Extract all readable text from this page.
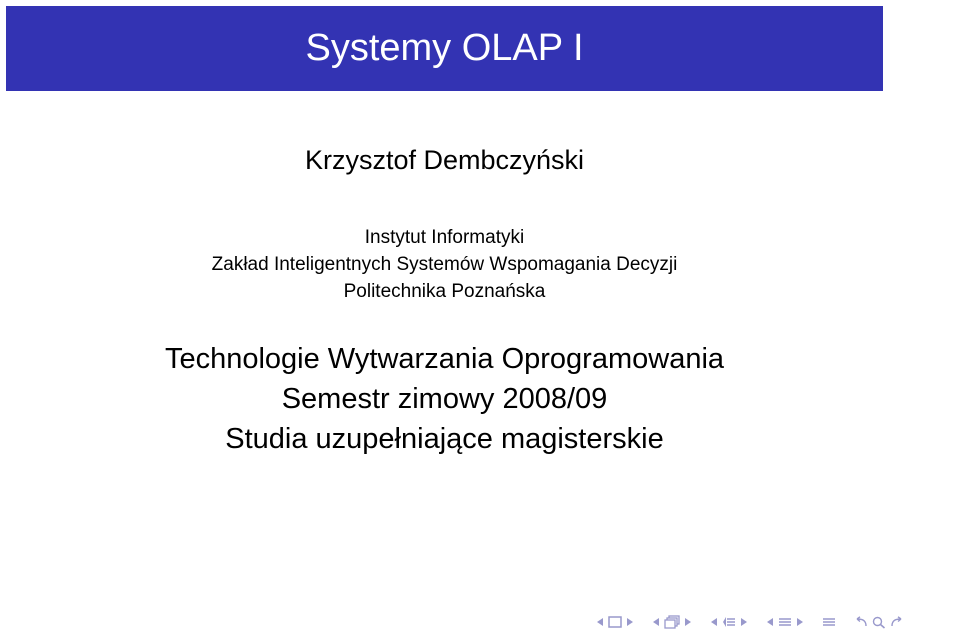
Systemy OLAP I
Krzysztof Dembczyński
Instytut Informatyki
Zakład Inteligentnych Systemów Wspomagania Decyzji
Politechnika Poznańska
Technologie Wytwarzania Oprogramowania
Semestr zimowy 2008/09
Studia uzupełniające magisterskie
